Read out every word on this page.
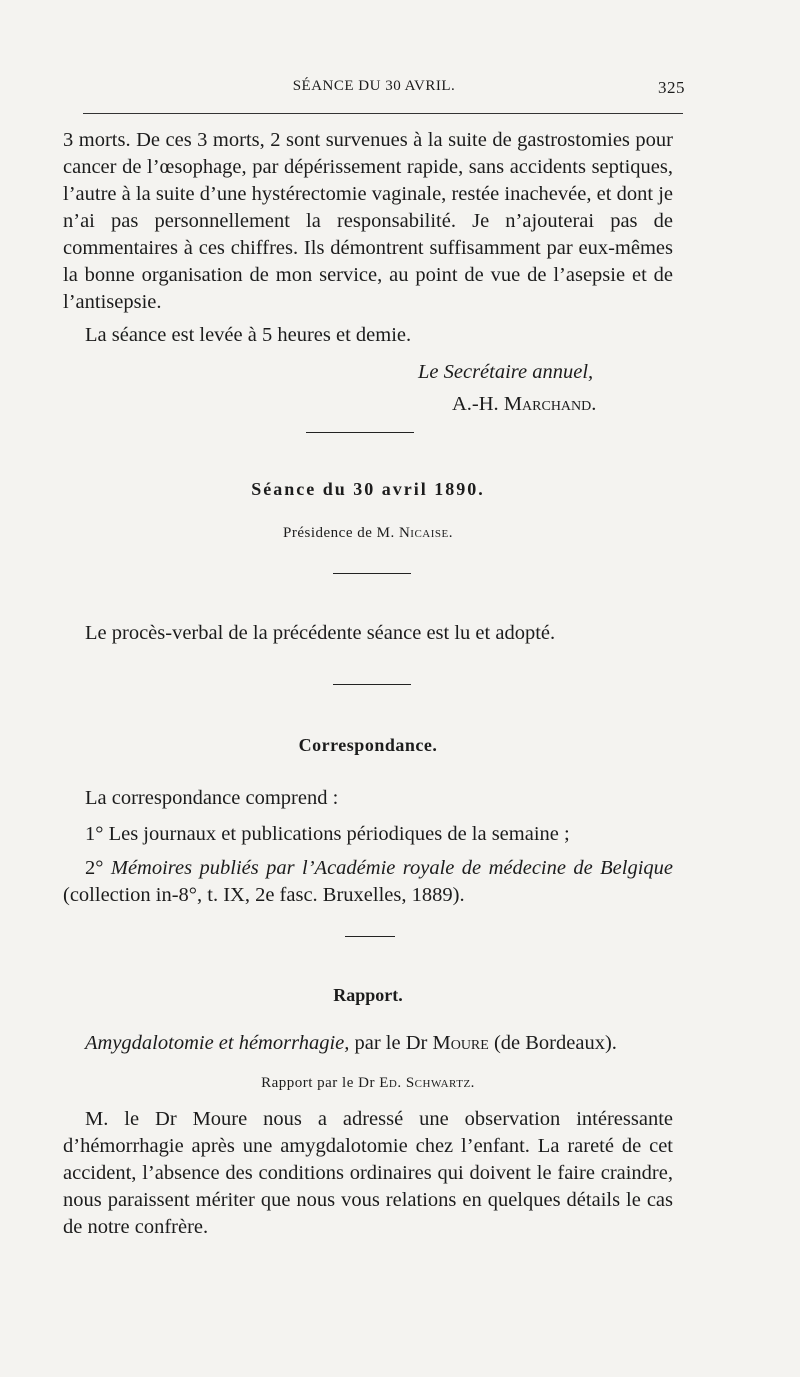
SÉANCE DU 30 AVRIL.	325
3 morts. De ces 3 morts, 2 sont survenues à la suite de gastrostomies pour cancer de l’œsophage, par dépérissement rapide, sans accidents septiques, l’autre à la suite d’une hystérectomie vaginale, restée inachevée, et dont je n’ai pas personnellement la responsabilité. Je n’ajouterai pas de commentaires à ces chiffres. Ils démontrent suffisamment par eux-mêmes la bonne organisation de mon service, au point de vue de l’asepsie et de l’antisepsie.
La séance est levée à 5 heures et demie.
Le Secrétaire annuel,
A.-H. Marchand.
Séance du 30 avril 1890.
Présidence de M. Nicaise.
Le procès-verbal de la précédente séance est lu et adopté.
Correspondance.
La correspondance comprend :
1° Les journaux et publications périodiques de la semaine ;
2° Mémoires publiés par l’Académie royale de médecine de Belgique (collection in-8°, t. IX, 2e fasc. Bruxelles, 1889).
Rapport.
Amygdalotomie et hémorrhagie, par le Dr Moure (de Bordeaux).
Rapport par le Dr Ed. Schwartz.
M. le Dr Moure nous a adressé une observation intéressante d’hémorrhagie après une amygdalotomie chez l’enfant. La rareté de cet accident, l’absence des conditions ordinaires qui doivent le faire craindre, nous paraissent mériter que nous vous relations en quelques détails le cas de notre confrère.
